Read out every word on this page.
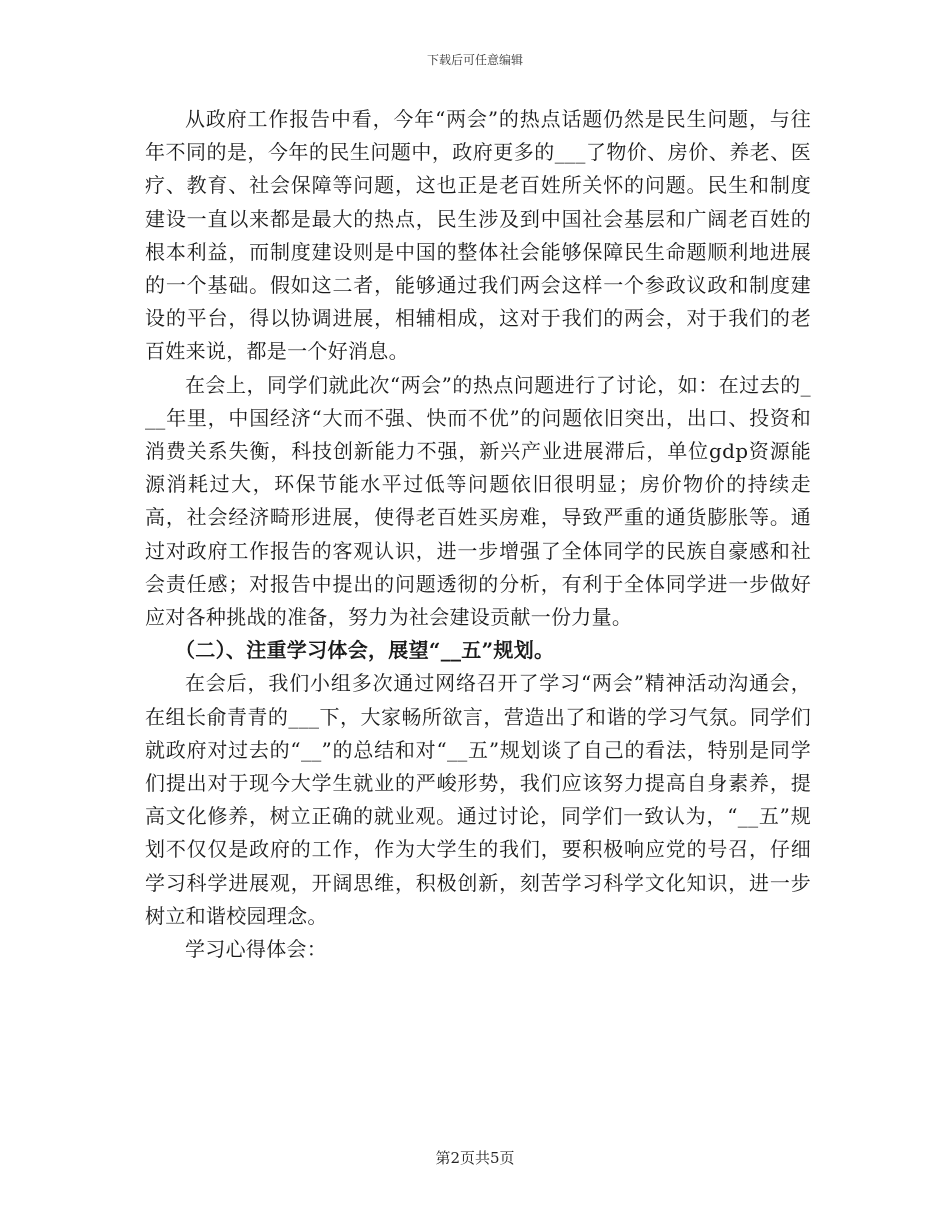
下载后可任意编辑

从政府工作报告中看，今年“两会”的热点话题仍然是民生问题，与往年不同的是，今年的民生问题中，政府更多的___了物价、房价、养老、医疗、教育、社会保障等问题，这也正是老百姓所关怀的问题。民生和制度建设一直以来都是最大的热点，民生涉及到中国社会基层和广阔老百姓的根本利益，而制度建设则是中国的整体社会能够保障民生命题顺利地进展的一个基础。假如这二者，能够通过我们两会这样一个参政议政和制度建设的平台，得以协调进展，相辅相成，这对于我们的两会，对于我们的老百姓来说，都是一个好消息。

在会上，同学们就此次“两会”的热点问题进行了讨论，如：在过去的___年里，中国经济“大而不强、快而不优”的问题依旧突出，出口、投资和消费关系失衡，科技创新能力不强，新兴产业进展滞后，单位gdp资源能源消耗过大，环保节能水平过低等问题依旧很明显；房价物价的持续走高，社会经济畸形进展，使得老百姓买房难，导致严重的通货膨胀等。通过对政府工作报告的客观认识，进一步增强了全体同学的民族自豪感和社会责任感；对报告中提出的问题透彻的分析，有利于全体同学进一步做好应对各种挑战的准备，努力为社会建设贡献一份力量。

（二）、注重学习体会，展望“__五”规划。

在会后，我们小组多次通过网络召开了学习“两会”精神活动沟通会，在组长俞青青的___下，大家畅所欲言，营造出了和谐的学习气氛。同学们就政府对过去的“__”的总结和对“__五”规划谈了自己的看法，特别是同学们提出对于现今大学生就业的严峻形势，我们应该努力提高自身素养，提高文化修养，树立正确的就业观。通过讨论，同学们一致认为，“__五”规划不仅仅是政府的工作，作为大学生的我们，要积极响应党的号召，仔细学习科学进展观，开阔思维，积极创新，刻苦学习科学文化知识，进一步树立和谐校园理念。

学习心得体会：

第2页共5页
